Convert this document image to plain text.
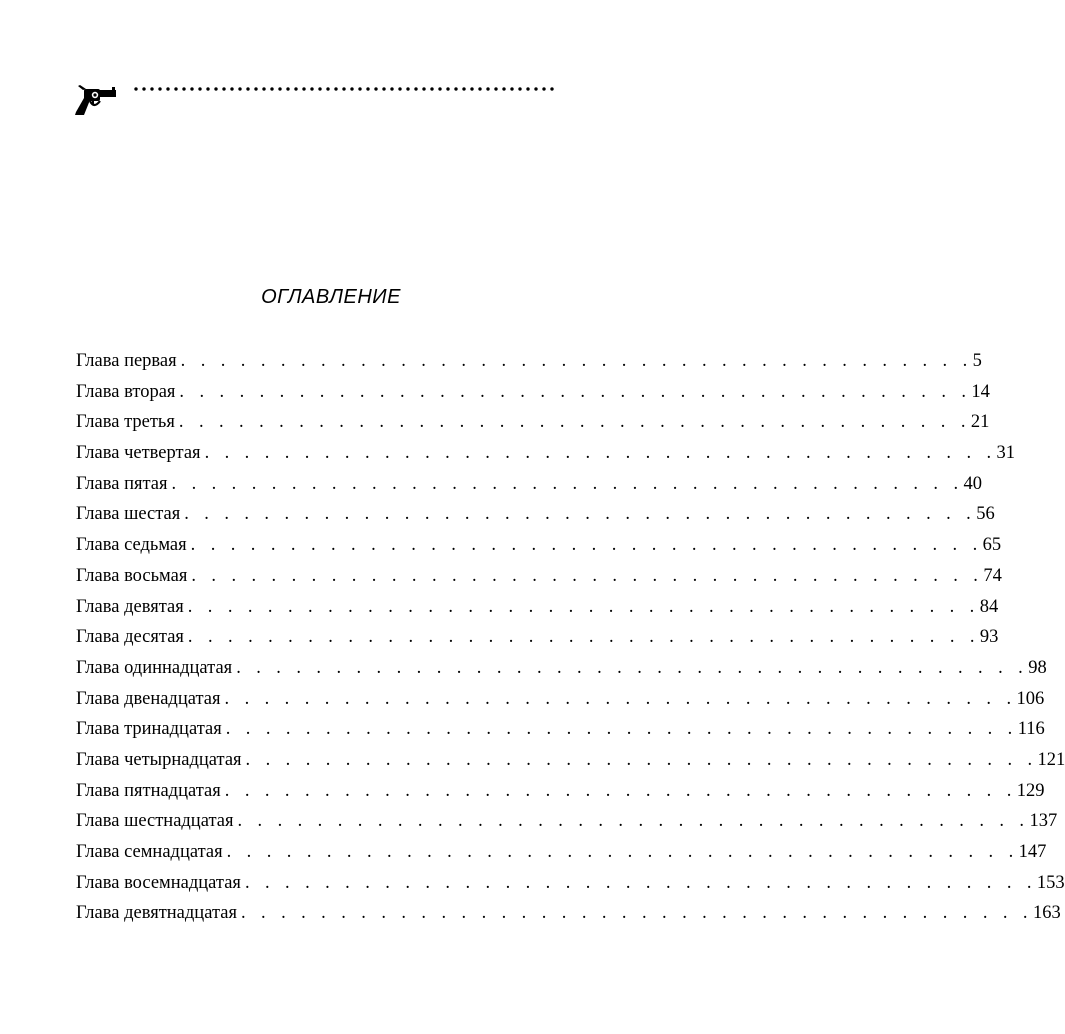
ОГЛАВЛЕНИЕ
Глава первая . . . . . . . . . . . . . . . . . . . . . . . . . . . . . . . . . . . . . . . . 5
Глава вторая . . . . . . . . . . . . . . . . . . . . . . . . . . . . . . . . . . . . . . . . 14
Глава третья . . . . . . . . . . . . . . . . . . . . . . . . . . . . . . . . . . . . . . . . 21
Глава четвертая . . . . . . . . . . . . . . . . . . . . . . . . . . . . . . . . . . . . . . . . 31
Глава пятая . . . . . . . . . . . . . . . . . . . . . . . . . . . . . . . . . . . . . . . . 40
Глава шестая . . . . . . . . . . . . . . . . . . . . . . . . . . . . . . . . . . . . . . . . 56
Глава седьмая . . . . . . . . . . . . . . . . . . . . . . . . . . . . . . . . . . . . . . . . 65
Глава восьмая . . . . . . . . . . . . . . . . . . . . . . . . . . . . . . . . . . . . . . . . 74
Глава девятая . . . . . . . . . . . . . . . . . . . . . . . . . . . . . . . . . . . . . . . . 84
Глава десятая . . . . . . . . . . . . . . . . . . . . . . . . . . . . . . . . . . . . . . . . 93
Глава одиннадцатая . . . . . . . . . . . . . . . . . . . . . . . . . . . . . . . . . . . . . . . . 98
Глава двенадцатая . . . . . . . . . . . . . . . . . . . . . . . . . . . . . . . . . . . . . . . . 106
Глава тринадцатая . . . . . . . . . . . . . . . . . . . . . . . . . . . . . . . . . . . . . . . . 116
Глава четырнадцатая . . . . . . . . . . . . . . . . . . . . . . . . . . . . . . . . . . . . . . . . 121
Глава пятнадцатая . . . . . . . . . . . . . . . . . . . . . . . . . . . . . . . . . . . . . . . . 129
Глава шестнадцатая . . . . . . . . . . . . . . . . . . . . . . . . . . . . . . . . . . . . . . . . 137
Глава семнадцатая . . . . . . . . . . . . . . . . . . . . . . . . . . . . . . . . . . . . . . . . 147
Глава восемнадцатая . . . . . . . . . . . . . . . . . . . . . . . . . . . . . . . . . . . . . . . . 153
Глава девятнадцатая . . . . . . . . . . . . . . . . . . . . . . . . . . . . . . . . . . . . . . . . 163
